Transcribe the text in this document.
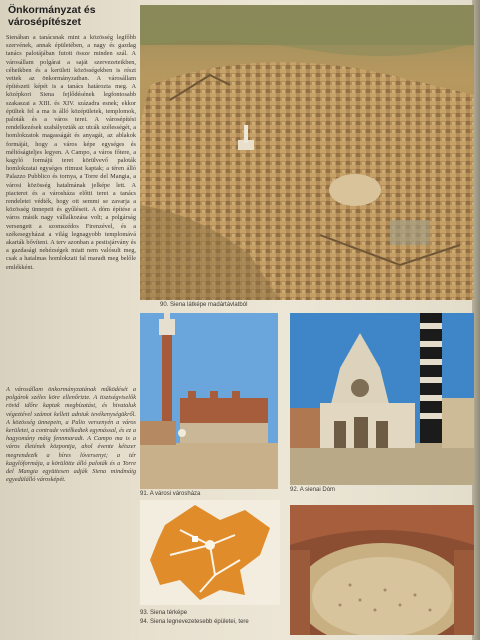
Önkormányzat és
városépítészet

Sienában a tanácsnak mint a közösség legfőbb szervének, annak épületében, a nagy és gazdag tanács palotájában futott össze minden szál. A városállam polgárai a saját szervezeteikben, céheikben és a kerületi közösségekben is részt vettek az önkormányzatban. A városállam építészeti képét is a tanács határozta meg. A középkori Siena fejlődésének legfontosabb szakaszai a XIII. és XIV. századra esnek; ekkor épültek fel a ma is álló középületek, templomok, paloták és a város terei. A városépítési rendelkezések szabályozták az utcák szélességét, a homlokzatok magasságát és anyagát, az ablakok formáját, hogy a város képe egységes és méltóságteljes legyen. A Campo, a város főtere, a kagyló formájú teret körülvevő paloták homlokzatai egységes ritmust kaptak; a téren álló Palazzo Pubblico és tornya, a Torre del Mangia, a városi közösség hatalmának jelképe lett. A piacteret és a városháza előtti teret a tanács rendeletei védték, hogy ott semmi se zavarja a közösség ünnepeit és gyűléseit. A dóm építése a város másik nagy vállalkozása volt; a polgárság versengett a szomszédos Firenzével, és a székesegyházat a világ legnagyobb templomává akarták bővíteni. A terv azonban a pestisjárvány és a gazdasági nehézségek miatt nem valósult meg, csak a hatalmas homlokzati fal maradt meg belőle emlékként.

A városállam önkormányzatának működését a polgárok széles köre ellenőrizte. A tisztségviselők rövid időre kaptak megbízatást, és hivataluk végeztével számot kellett adniuk tevékenységükről. A közösség ünnepein, a Palio versenyén a város kerületei, a contrade vetélkedtek egymással, és ez a hagyomány máig fennmaradt. A Campo ma is a város életének központja, ahol évente kétszer megrendezik a híres lóversenyt; a tér kagylóformája, a körülötte álló paloták és a Torre del Mangia együttesen adják Siena mindmáig egyedülálló városképét.

90. Siena látképe madártávlatból
91. A városi városháza
92. A sienai Dóm
93. Siena térképe
94. Siena legnevezetesebb épületei, tere
